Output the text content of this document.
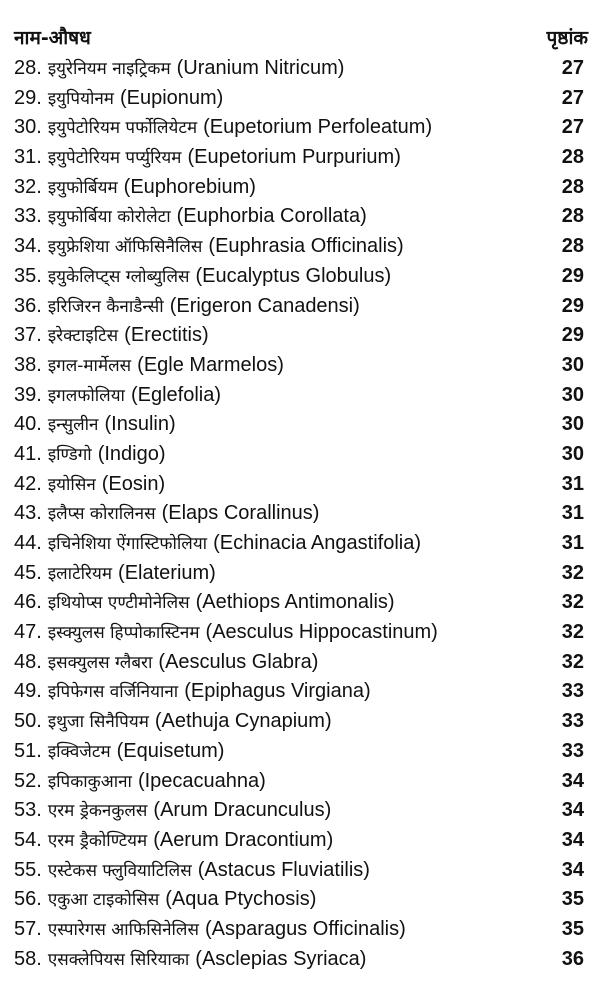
नाम-औषध	पृष्ठांक
28. इयुरेनियम नाइट्रिकम (Uranium Nitricum)	27
29. इयुपियोनम (Eupionum)	27
30. इयुपेटोरियम पर्फोलियेटम (Eupetorium Perfoleatum)	27
31. इयुपेटोरियम पर्प्युरियम (Eupetorium Purpurium)	28
32. इयुफोर्बियम (Euphorebium)	28
33. इयुफोर्बिया कोरोलेटा (Euphorbia Corollata)	28
34. इयुफ्रेशिया ऑफिसिनैलिस (Euphrasia Officinalis)	28
35. इयुकेलिप्ट्स ग्लोब्युलिस (Eucalyptus Globulus)	29
36. इरिजिरन कैनाडैन्सी (Erigeron Canadensi)	29
37. इरेक्टाइटिस (Erectitis)	29
38. इगल-मार्मेलस (Egle Marmelos)	30
39. इगलफोलिया (Eglefolia)	30
40. इन्सुलीन (Insulin)	30
41. इण्डिगो (Indigo)	30
42. इयोसिन (Eosin)	31
43. इलैप्स कोरालिनस (Elaps Corallinus)	31
44. इचिनेशिया ऐंगास्टिफोलिया (Echinacia Angastifolia)	31
45. इलाटेरियम (Elaterium)	32
46. इथियोप्स एण्टीमोनेलिस (Aethiops Antimonalis)	32
47. इस्क्युलस हिप्पोकास्टिनम (Aesculus Hippocastinum)	32
48. इसक्युलस ग्लैबरा (Aesculus Glabra)	32
49. इपिफेगस वर्जिनियाना (Epiphagus Virgiana)	33
50. इथुजा सिनैपियम (Aethuja Cynapium)	33
51. इक्विजेटम (Equisetum)	33
52. इपिकाकुआना (Ipecacuahna)	34
53. एरम ड्रेकनकुलस (Arum Dracunculus)	34
54. एरम ड्रैकोण्टियम (Aerum Dracontium)	34
55. एस्टेकस फ्लुवियाटिलिस (Astacus Fluviatilis)	34
56. एकुआ टाइकोसिस (Aqua Ptychosis)	35
57. एस्पारेगस आफिसिनेलिस (Asparagus Officinalis)	35
58. एसक्लेपियस सिरियाका (Asclepias Syriaca)	36
